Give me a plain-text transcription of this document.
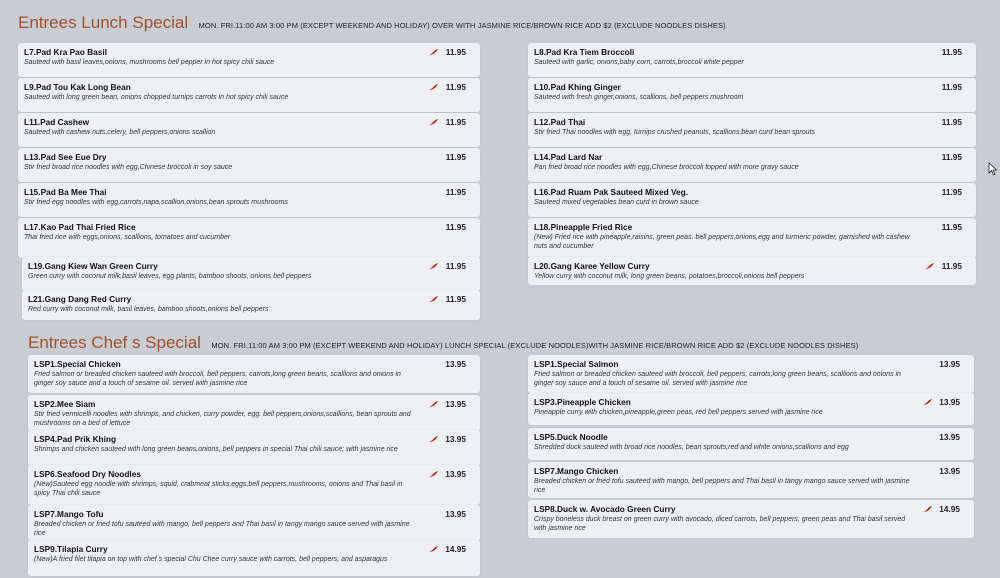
Entrees Lunch Special MON. FRI.11:00 AM 3:00 PM (EXCEPT WEEKEND AND HOLIDAY) OVER WITH JASMINE RICE/BROWN RICE ADD $2 (EXCLUDE NOODLES DISHES)
L7.Pad Kra Pao Basil
Sauteed with basil leaves,onions, mushrooms bell pepper in hot spicy chili sauce
11.95	L8.Pad Kra Tiem Broccoli
Sauteed with garlic, onions,baby corn, carrots,broccoli white pepper
11.95
L9.Pad Tou Kak Long Bean
Sauteed with long green bean, onions chopped turnips carrots in hot spicy chili sauce
11.95	L10.Pad Khing Ginger
Sauteed with fresh ginger,onions, scallions, bell peppers mushroom
11.95
L11.Pad Cashew
Sauteed with cashew nuts,celery, bell peppers,onions scallion
11.95	L12.Pad Thai
Stir fried Thai noodles with egg, turnips crushed peanuts, scallions,bean curd bean sprouts
11.95
L13.Pad See Eue Dry
Stir fried broad rice noodles with egg,Chinese broccoli in soy sauce
11.95	L14.Pad Lard Nar
Pan fried broad rice noodles with egg,Chinese broccoli topped with more gravy sauce
11.95
L15.Pad Ba Mee Thai
Stir fried egg noodles with egg,carrots,napa,scallion,onions,bean sprouts mushrooms
11.95	L16.Pad Ruam Pak Sauteed Mixed Veg.
Sauteed mixed vegetables bean curd in brown sauce
11.95
L17.Kao Pad Thai Fried Rice
Thai fried rice with eggs,onions, scallions, tomatoes and cucumber
11.95	L18.Pineapple Fried Rice
(New) Fried rice with pineapple,raisins, green peas. bell peppers,onions,egg and turmeric powder, garnished with cashew nuts and cucumber
11.95
L19.Gang Kiew Wan Green Curry
Green curry with coconut milk,basil leaves, egg plants, bamboo shoots, onions bell peppers
11.95	L20.Gang Karee Yellow Curry
Yellow curry with coconut milk, long green beans, potatoes,broccoli,onions bell peppers
11.95
L21.Gang Dang Red Curry
Red curry with coconut milk, basil leaves, bamboo shoots,onions bell peppers
11.95
Entrees Chef s Special MON. FRI.11:00 AM 3:00 PM (EXCEPT WEEKEND AND HOLIDAY) LUNCH SPECIAL (EXCLUDE NOODLES)WITH JASMINE RICE/BROWN RICE ADD $2 (EXCLUDE NOODLES DISHES)
LSP1.Special Chicken
Fried salmon or breaded chicken sauteed with broccoli, bell peppers, carrots,long green beans, scallions and onions in ginger soy sauce and a touch of sesame oil. served with jasmine rice
13.95	LSP1.Special Salmon
Fried salmon or breaded chicken sauteed with broccoli, bell peppers, carrots,long green beans, scallions and onions in ginger soy sauce and a touch of sesame oil. served with jasmine rice
13.95
LSP2.Mee Siam
Stir fried vermicelli noodles with shrimps, and chicken, curry powder, egg. bell peppers,onions,scallions, bean sprouts and mushrooms on a bed of lettuce
13.95	LSP3.Pineapple Chicken
Pineapple curry with chicken,pineapple,green peas, red bell peppers served with jasmine rice
13.95
LSP4.Pad Prik Khing
Shrimps and chicken sauteed with long green beans,onions, bell peppers in special Thai chili sauce; with jasmine rice
13.95	LSP5.Duck Noodle
Shredded duck sauteed with broad rice noodles, bean sprouts,red and white onions,scallions and egg
13.95
LSP6.Seafood Dry Noodles
(New)Sauteed egg noodle with shrimps, squid, crabmeat sticks,eggs,bell peppers,mushrooms, onions and Thai basil in spicy Thai chili sauce
13.95	LSP7.Mango Chicken
Breaded chicken or fried tofu sauteed with mango, bell peppers and Thai basil in tangy mango sauce served with jasmine rice
13.95
LSP7.Mango Tofu
Breaded chicken or fried tofu sauteed with mango, bell peppers and Thai basil in tangy mango sauce served with jasmine rice
13.95	LSP8.Duck w. Avocado Green Curry
Crispy boneless duck breast on green curry with avocado, diced carrots, bell peppers, green peas and Thai basil served with jasmine rice
14.95
LSP9.Tilapia Curry
(New)A fried filet tilapia on top with chef s special Chu Chee curry sauce with carrots, bell peppers, and asparagus
14.95
